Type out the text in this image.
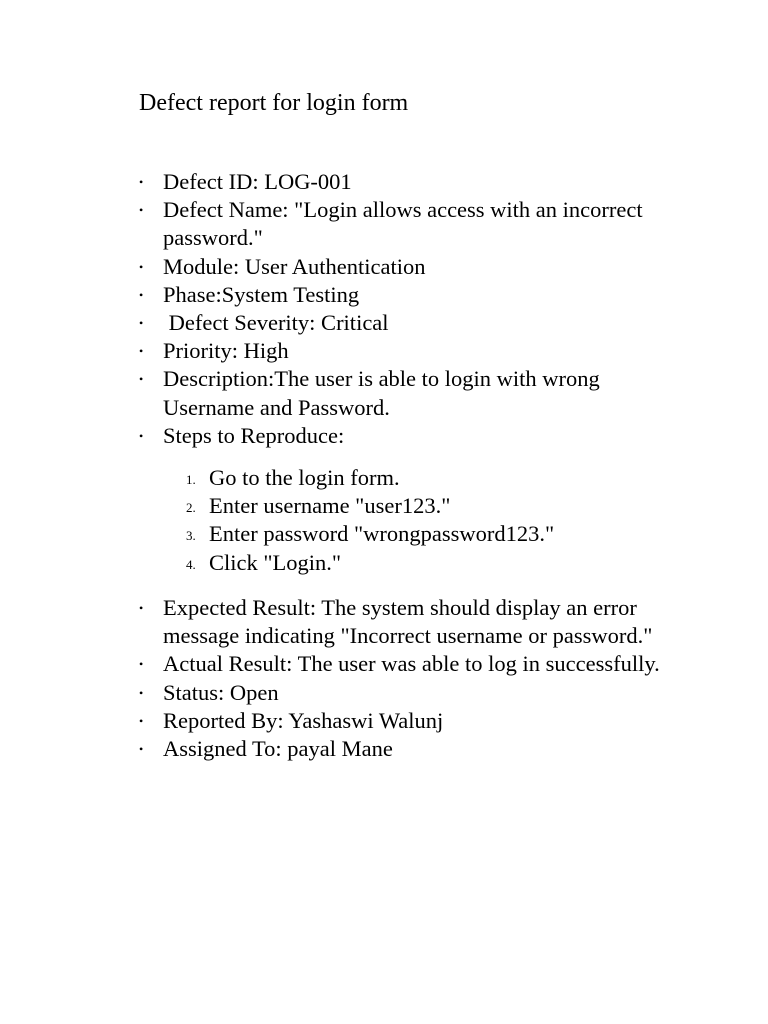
Defect report for login form
• Defect ID: LOG-001
• Defect Name: "Login allows access with an incorrect password."
• Module: User Authentication
• Phase:System Testing
• Defect Severity: Critical
• Priority: High
• Description:The user is able to login with wrong Username and Password.
• Steps to Reproduce:
1. Go to the login form.
2. Enter username "user123."
3. Enter password "wrongpassword123."
4. Click "Login."
• Expected Result: The system should display an error message indicating "Incorrect username or password."
• Actual Result: The user was able to log in successfully.
• Status: Open
• Reported By: Yashaswi Walunj
• Assigned To: payal Mane
